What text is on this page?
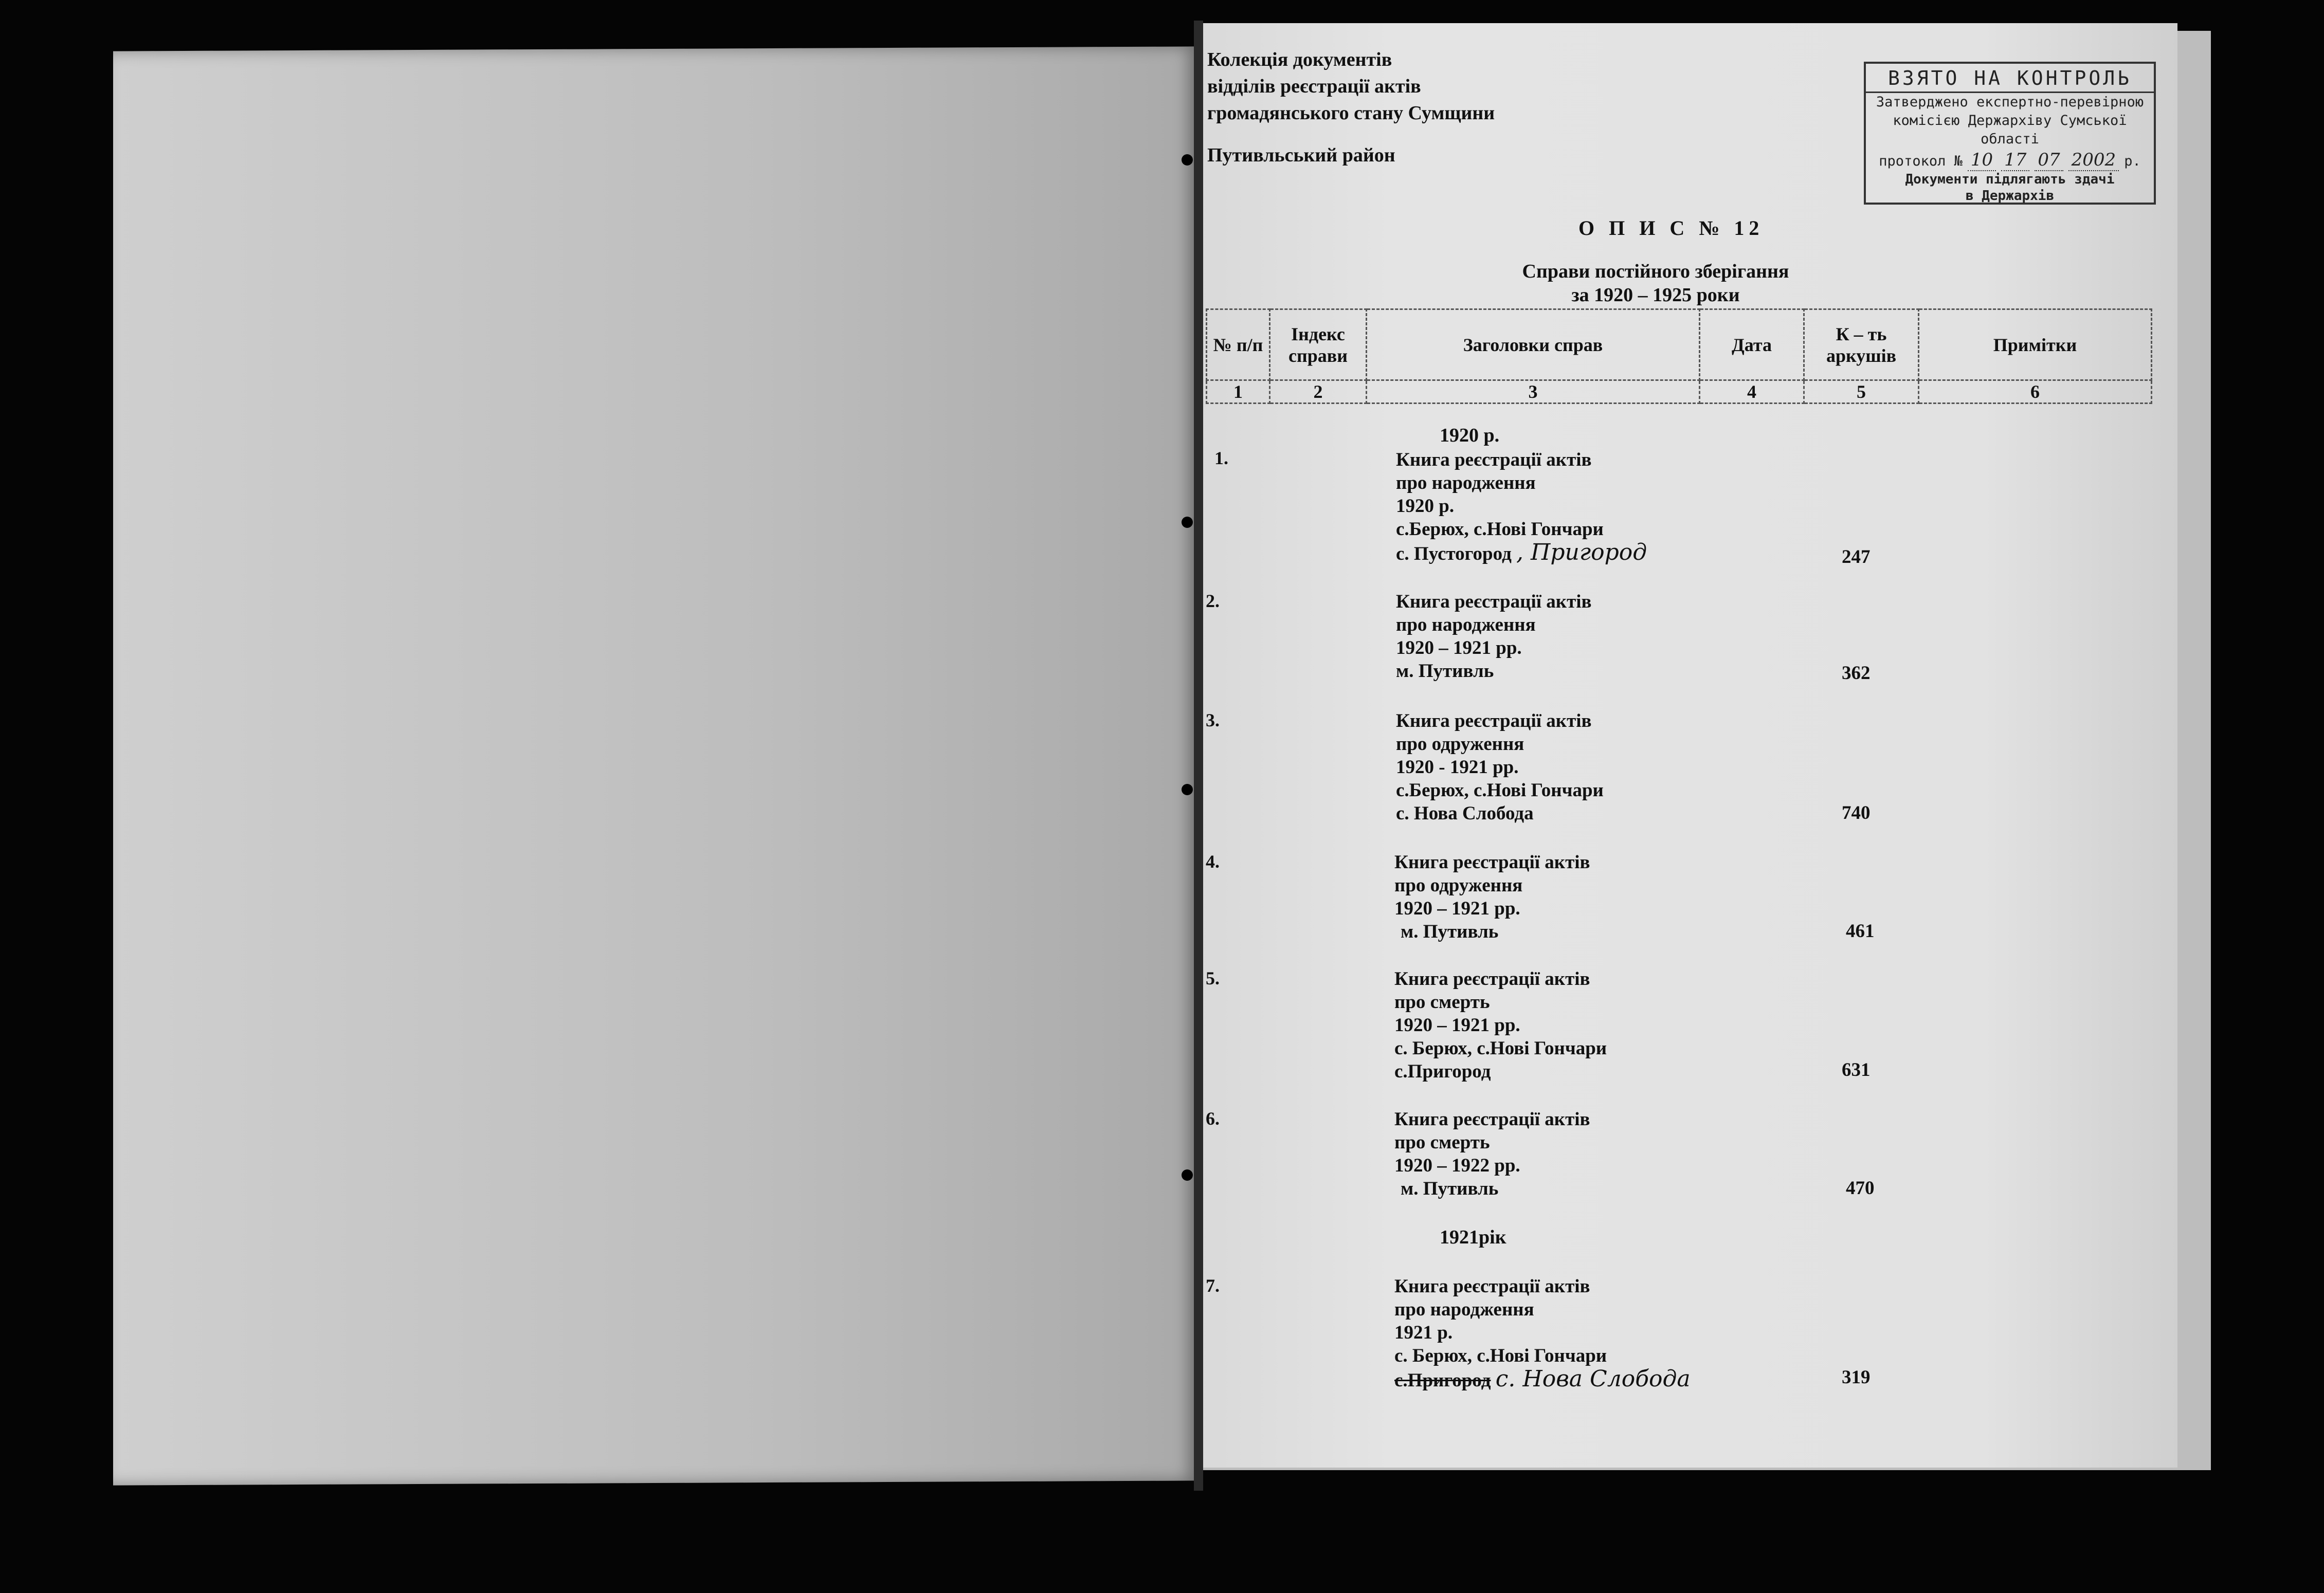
Колекція документів
відділів реєстрації актів
громадянського стану Сумщини
Путивльський район
ВЗЯТО НА КОНТРОЛЬ
Затверджено експертно-перевірною
комісією Держархіву Сумської області
протокол № 10 17 07 2002 р.
Документи підлягають здачі
в Держархів
О П И С № 12
Справи постійного зберігання
за 1920 – 1925 роки
№ п/п	Індекс справи	Заголовки справ	Дата	К – ть аркушів	Примітки
1	2	3	4	5	6
1920 р.
1.	Книга реєстрації актів
про народження
1920 р.
с.Берюх, с.Нові Гончари
с. Пустогород , Пригород	247
2.	Книга реєстрації актів
про народження
1920 – 1921 рр.
м. Путивль	362
3.	Книга реєстрації актів
про одруження
1920 - 1921 рр.
с.Берюх, с.Нові Гончари
с. Нова Слобода	740
4.	Книга реєстрації актів
про одруження
1920 – 1921 рр.
м. Путивль	461
5.	Книга реєстрації актів
про смерть
1920 – 1921 рр.
с. Берюх, с.Нові Гончари
с.Пригород	631
6.	Книга реєстрації актів
про смерть
1920 – 1922 рр.
м. Путивль	470
1921рік
7.	Книга реєстрації актів
про народження
1921 р.
с. Берюх, с.Нові Гончари
с.Пригород с. Нова Слобода	319
